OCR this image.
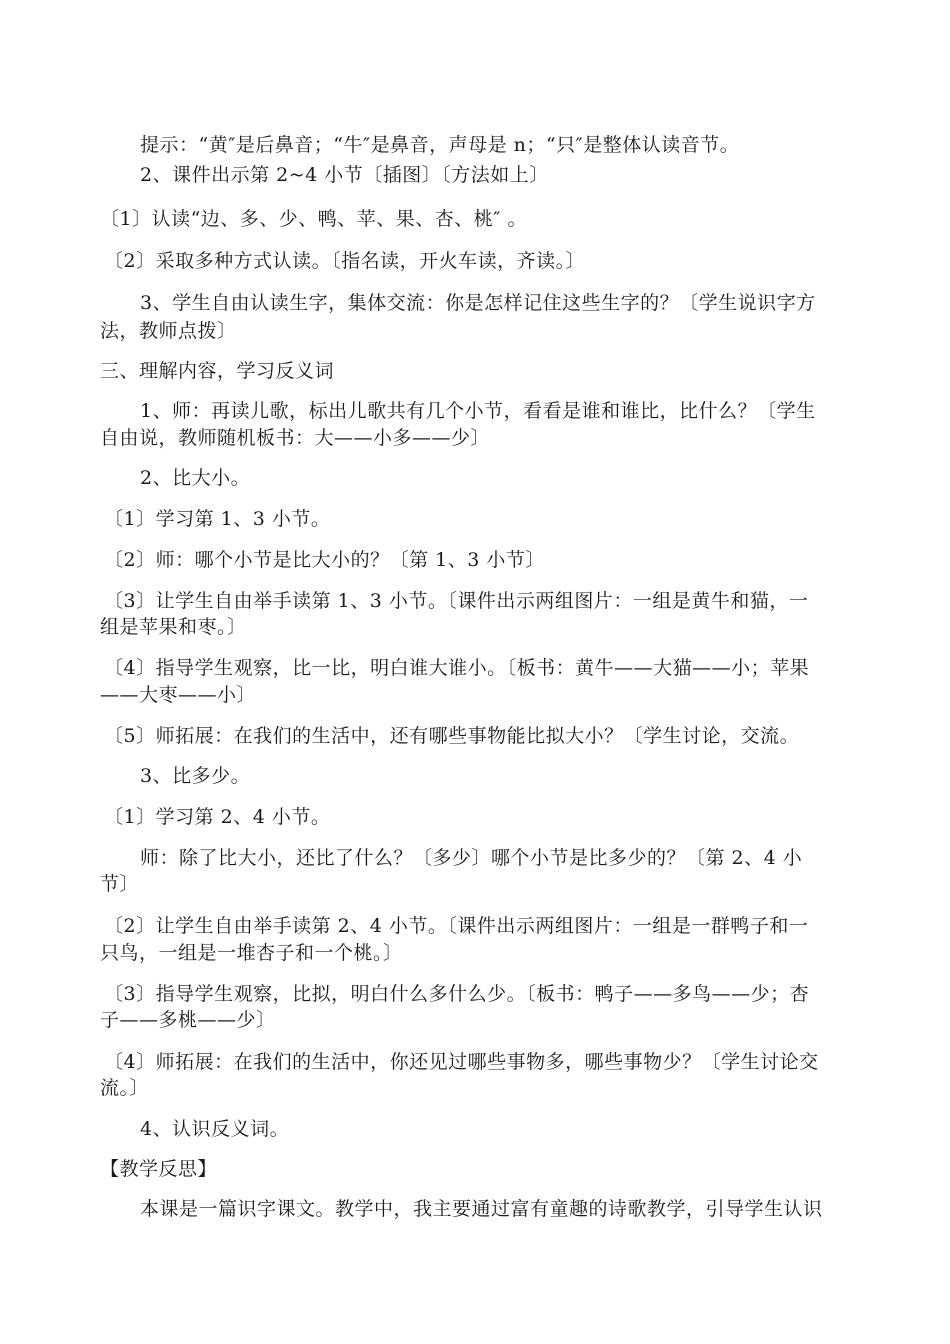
提示：“黄″是后鼻音；“牛″是鼻音，声母是 n；“只″是整体认读音节。
2、课件出示第 2~4 小节〔插图〕〔方法如上〕
〔1〕认读“边、多、少、鸭、苹、果、杏、桃″ 。
〔2〕采取多种方式认读。〔指名读，开火车读，齐读。〕
3、学生自由认读生字，集体交流：你是怎样记住这些生字的？〔学生说识字方
法，教师点拨〕
三、理解内容，学习反义词
1、师：再读儿歌，标出儿歌共有几个小节，看看是谁和谁比，比什么？〔学生
自由说，教师随机板书：大——小多——少〕
2、比大小。
〔1〕学习第 1、3 小节。
〔2〕师：哪个小节是比大小的？〔第 1、3 小节〕
〔3〕让学生自由举手读第 1、3 小节。〔课件出示两组图片：一组是黄牛和猫，一
组是苹果和枣。〕
〔4〕指导学生观察，比一比，明白谁大谁小。〔板书：黄牛——大猫——小；苹果
——大枣——小〕
〔5〕师拓展：在我们的生活中，还有哪些事物能比拟大小？〔学生讨论，交流。
3、比多少。
〔1〕学习第 2、4 小节。
师：除了比大小，还比了什么？〔多少〕哪个小节是比多少的？〔第 2、4 小
节〕
〔2〕让学生自由举手读第 2、4 小节。〔课件出示两组图片：一组是一群鸭子和一
只鸟，一组是一堆杏子和一个桃。〕
〔3〕指导学生观察，比拟，明白什么多什么少。〔板书：鸭子——多鸟——少；杏
子——多桃——少〕
〔4〕师拓展：在我们的生活中，你还见过哪些事物多，哪些事物少？〔学生讨论交
流。〕
4、认识反义词。
【教学反思】
本课是一篇识字课文。教学中，我主要通过富有童趣的诗歌教学，引导学生认识
